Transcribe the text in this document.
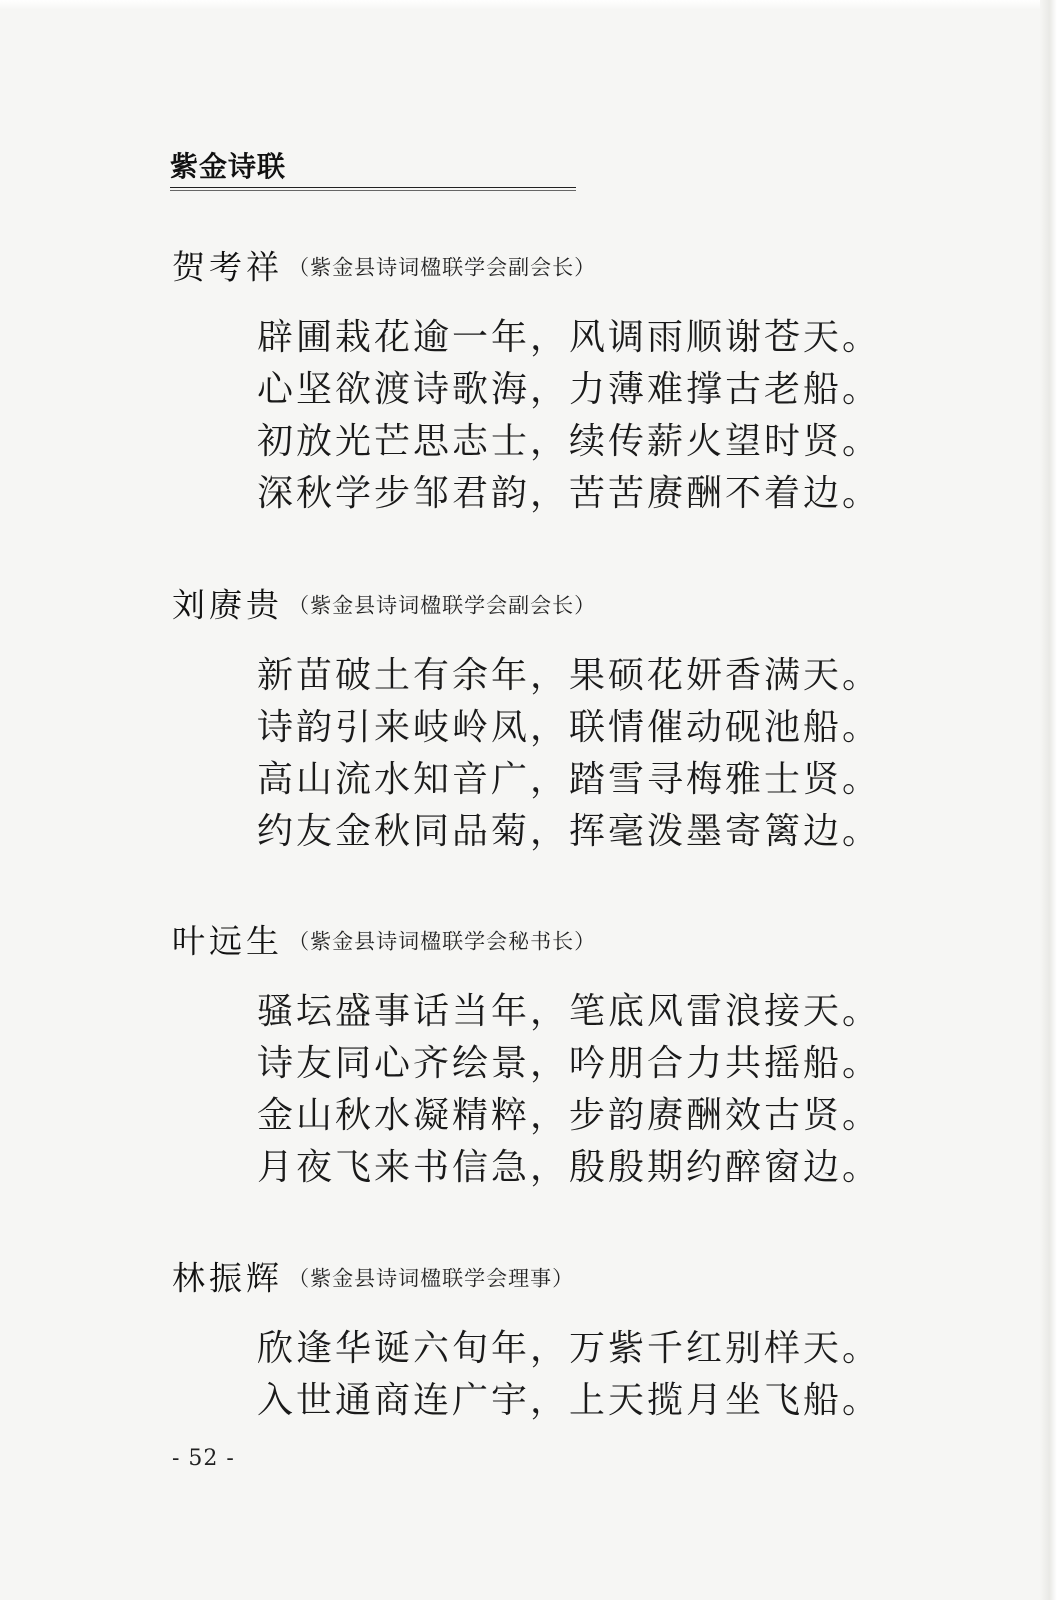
紫金诗联
贺考祥 （紫金县诗词楹联学会副会长）
辟圃栽花逾一年，风调雨顺谢苍天。
心坚欲渡诗歌海，力薄难撑古老船。
初放光芒思志士，续传薪火望时贤。
深秋学步邹君韵，苦苦赓酬不着边。
刘赓贵 （紫金县诗词楹联学会副会长）
新苗破土有余年，果硕花妍香满天。
诗韵引来岐岭凤，联情催动砚池船。
高山流水知音广，踏雪寻梅雅士贤。
约友金秋同品菊，挥毫泼墨寄篱边。
叶远生 （紫金县诗词楹联学会秘书长）
骚坛盛事话当年，笔底风雷浪接天。
诗友同心齐绘景，吟朋合力共摇船。
金山秋水凝精粹，步韵赓酬效古贤。
月夜飞来书信急，殷殷期约醉窗边。
林振辉 （紫金县诗词楹联学会理事）
欣逢华诞六旬年，万紫千红别样天。
入世通商连广宇，上天揽月坐飞船。
- 52 -
